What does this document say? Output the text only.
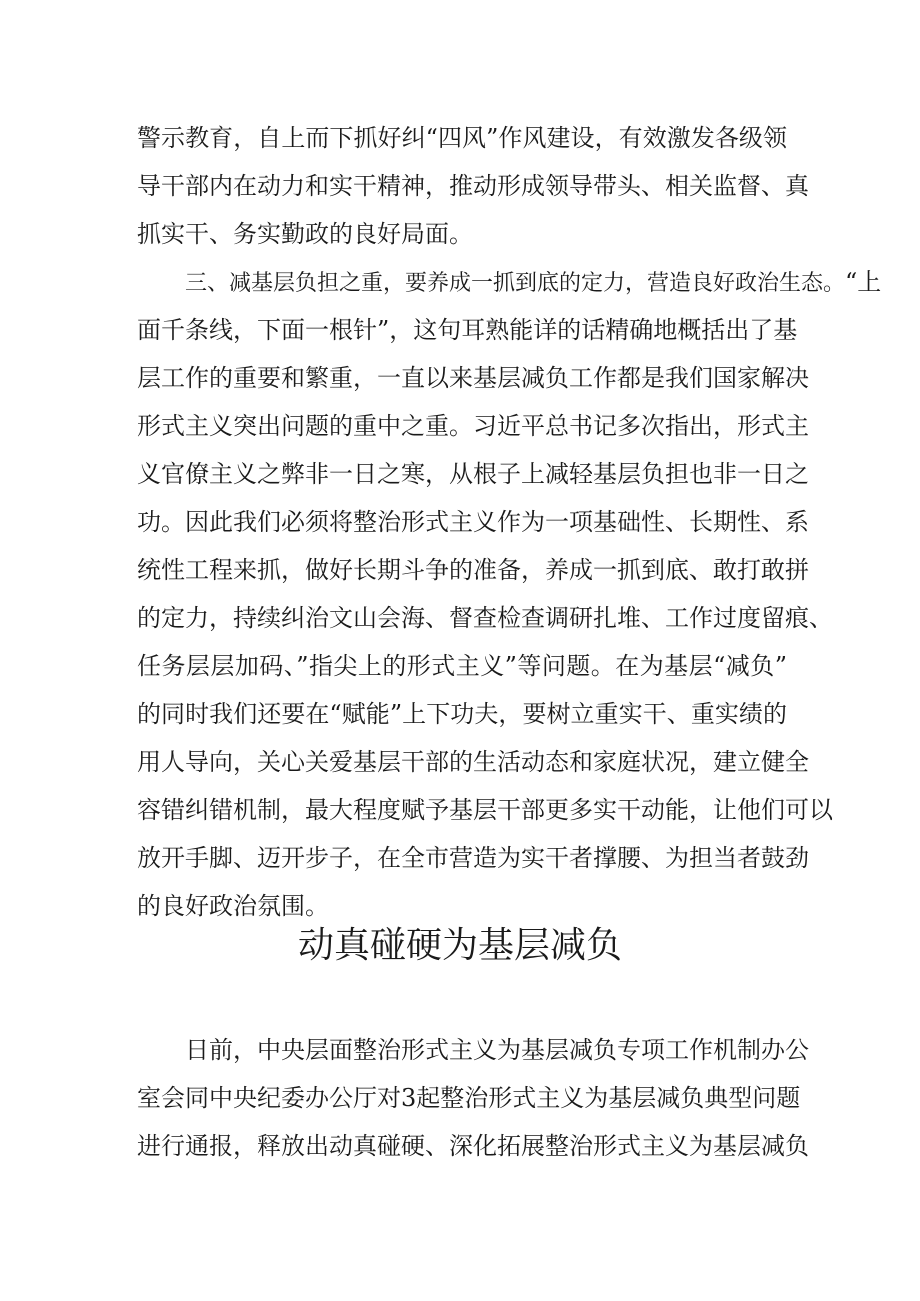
警示教育，自上而下抓好纠“四风”作风建设，有效激发各级领
导干部内在动力和实干精神，推动形成领导带头、相关监督、真
抓实干、务实勤政的良好局面。
三、减基层负担之重，要养成一抓到底的定力，营造良好政治生态。“上
面千条线，下面一根针”，这句耳熟能详的话精确地概括出了基
层工作的重要和繁重，一直以来基层减负工作都是我们国家解决
形式主义突出问题的重中之重。习近平总书记多次指出，形式主
义官僚主义之弊非一日之寒，从根子上减轻基层负担也非一日之
功。因此我们必须将整治形式主义作为一项基础性、长期性、系
统性工程来抓，做好长期斗争的准备，养成一抓到底、敢打敢拼
的定力，持续纠治文山会海、督查检查调研扎堆、工作过度留痕、
任务层层加码、”指尖上的形式主义”等问题。在为基层“减负”
的同时我们还要在“赋能”上下功夫，要树立重实干、重实绩的
用人导向，关心关爱基层干部的生活动态和家庭状况，建立健全
容错纠错机制，最大程度赋予基层干部更多实干动能，让他们可以
放开手脚、迈开步子，在全市营造为实干者撑腰、为担当者鼓劲
的良好政治氛围。
动真碰硬为基层减负
日前，中央层面整治形式主义为基层减负专项工作机制办公
室会同中央纪委办公厅对3起整治形式主义为基层减负典型问题
进行通报，释放出动真碰硬、深化拓展整治形式主义为基层减负
